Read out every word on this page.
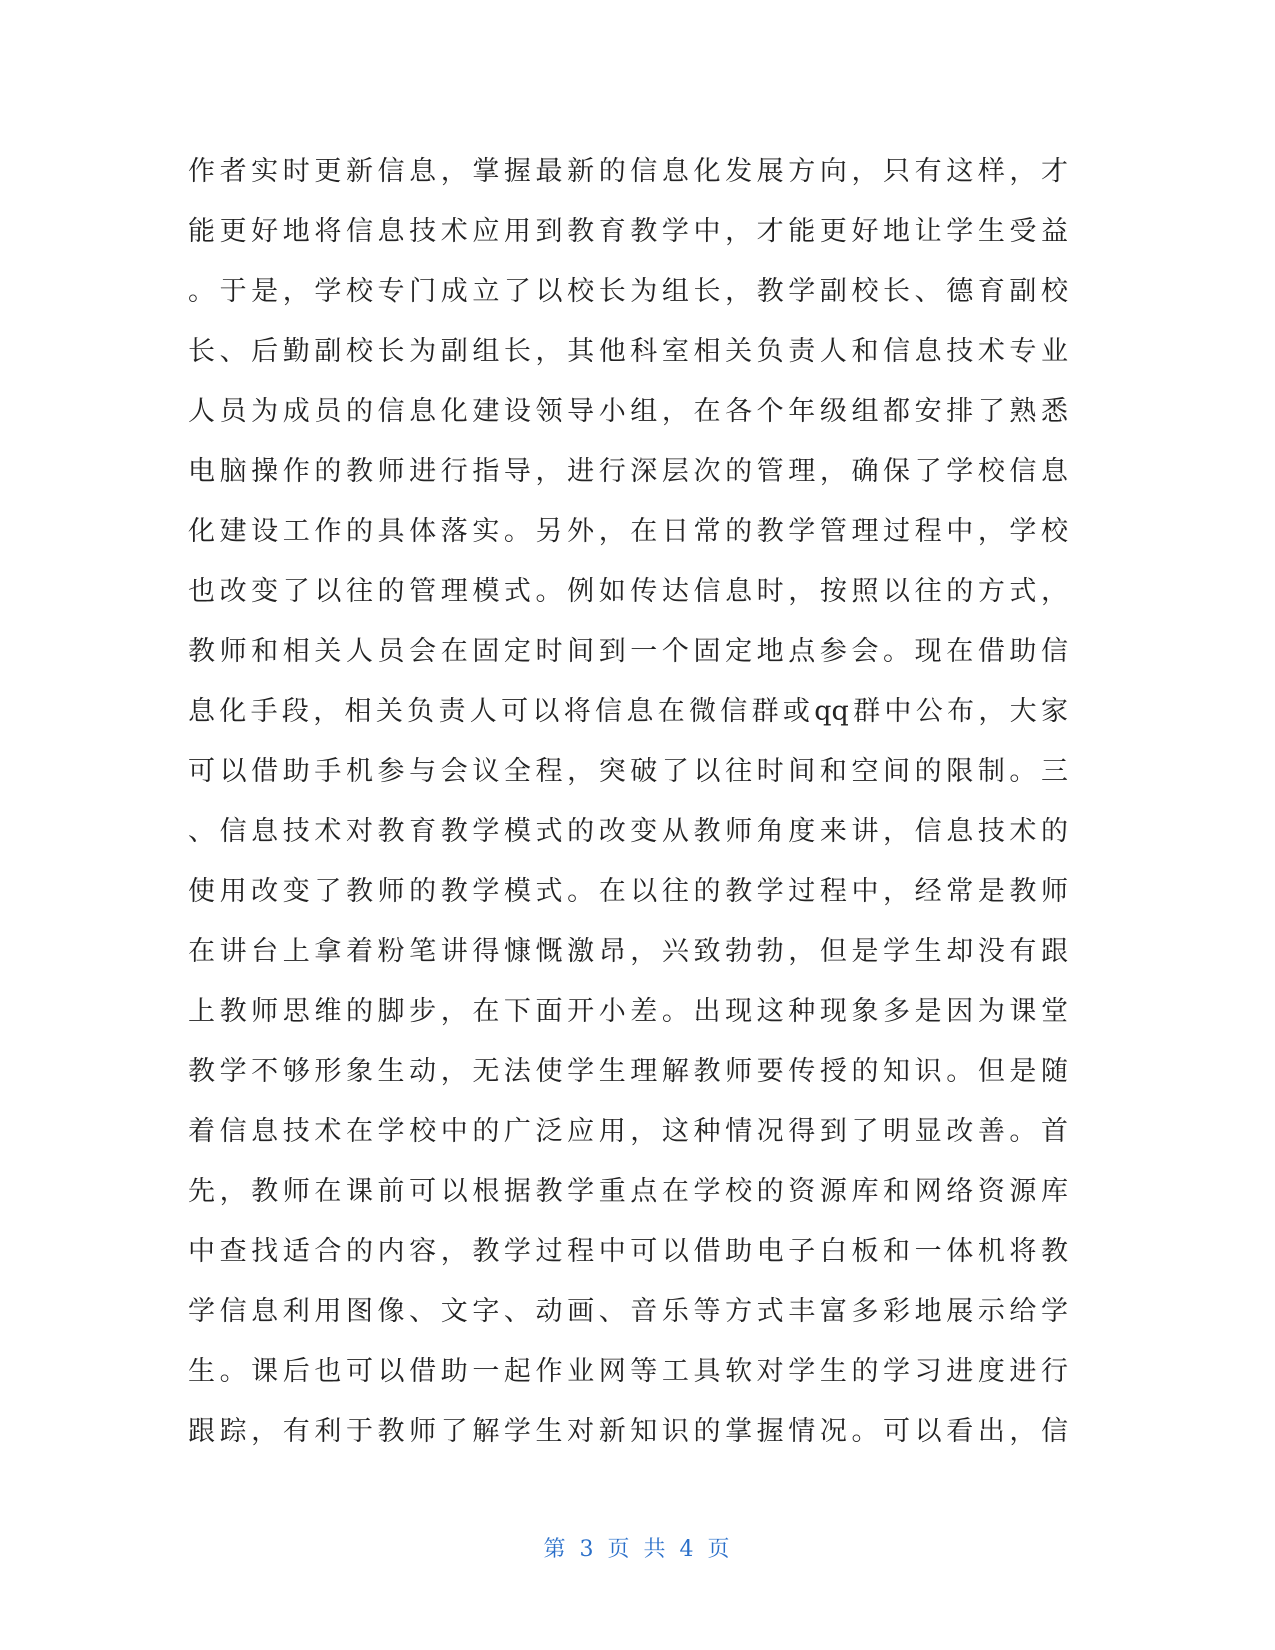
作者实时更新信息，掌握最新的信息化发展方向，只有这样，才
能更好地将信息技术应用到教育教学中，才能更好地让学生受益
。于是，学校专门成立了以校长为组长，教学副校长、德育副校
长、后勤副校长为副组长，其他科室相关负责人和信息技术专业
人员为成员的信息化建设领导小组，在各个年级组都安排了熟悉
电脑操作的教师进行指导，进行深层次的管理，确保了学校信息
化建设工作的具体落实。另外，在日常的教学管理过程中，学校
也改变了以往的管理模式。例如传达信息时，按照以往的方式，
教师和相关人员会在固定时间到一个固定地点参会。现在借助信
息化手段，相关负责人可以将信息在微信群或qq群中公布，大家
可以借助手机参与会议全程，突破了以往时间和空间的限制。三
、信息技术对教育教学模式的改变从教师角度来讲，信息技术的
使用改变了教师的教学模式。在以往的教学过程中，经常是教师
在讲台上拿着粉笔讲得慷慨激昂，兴致勃勃，但是学生却没有跟
上教师思维的脚步，在下面开小差。出现这种现象多是因为课堂
教学不够形象生动，无法使学生理解教师要传授的知识。但是随
着信息技术在学校中的广泛应用，这种情况得到了明显改善。首
先，教师在课前可以根据教学重点在学校的资源库和网络资源库
中查找适合的内容，教学过程中可以借助电子白板和一体机将教
学信息利用图像、文字、动画、音乐等方式丰富多彩地展示给学
生。课后也可以借助一起作业网等工具软对学生的学习进度进行
跟踪，有利于教师了解学生对新知识的掌握情况。可以看出，信
第 3 页 共 4 页
